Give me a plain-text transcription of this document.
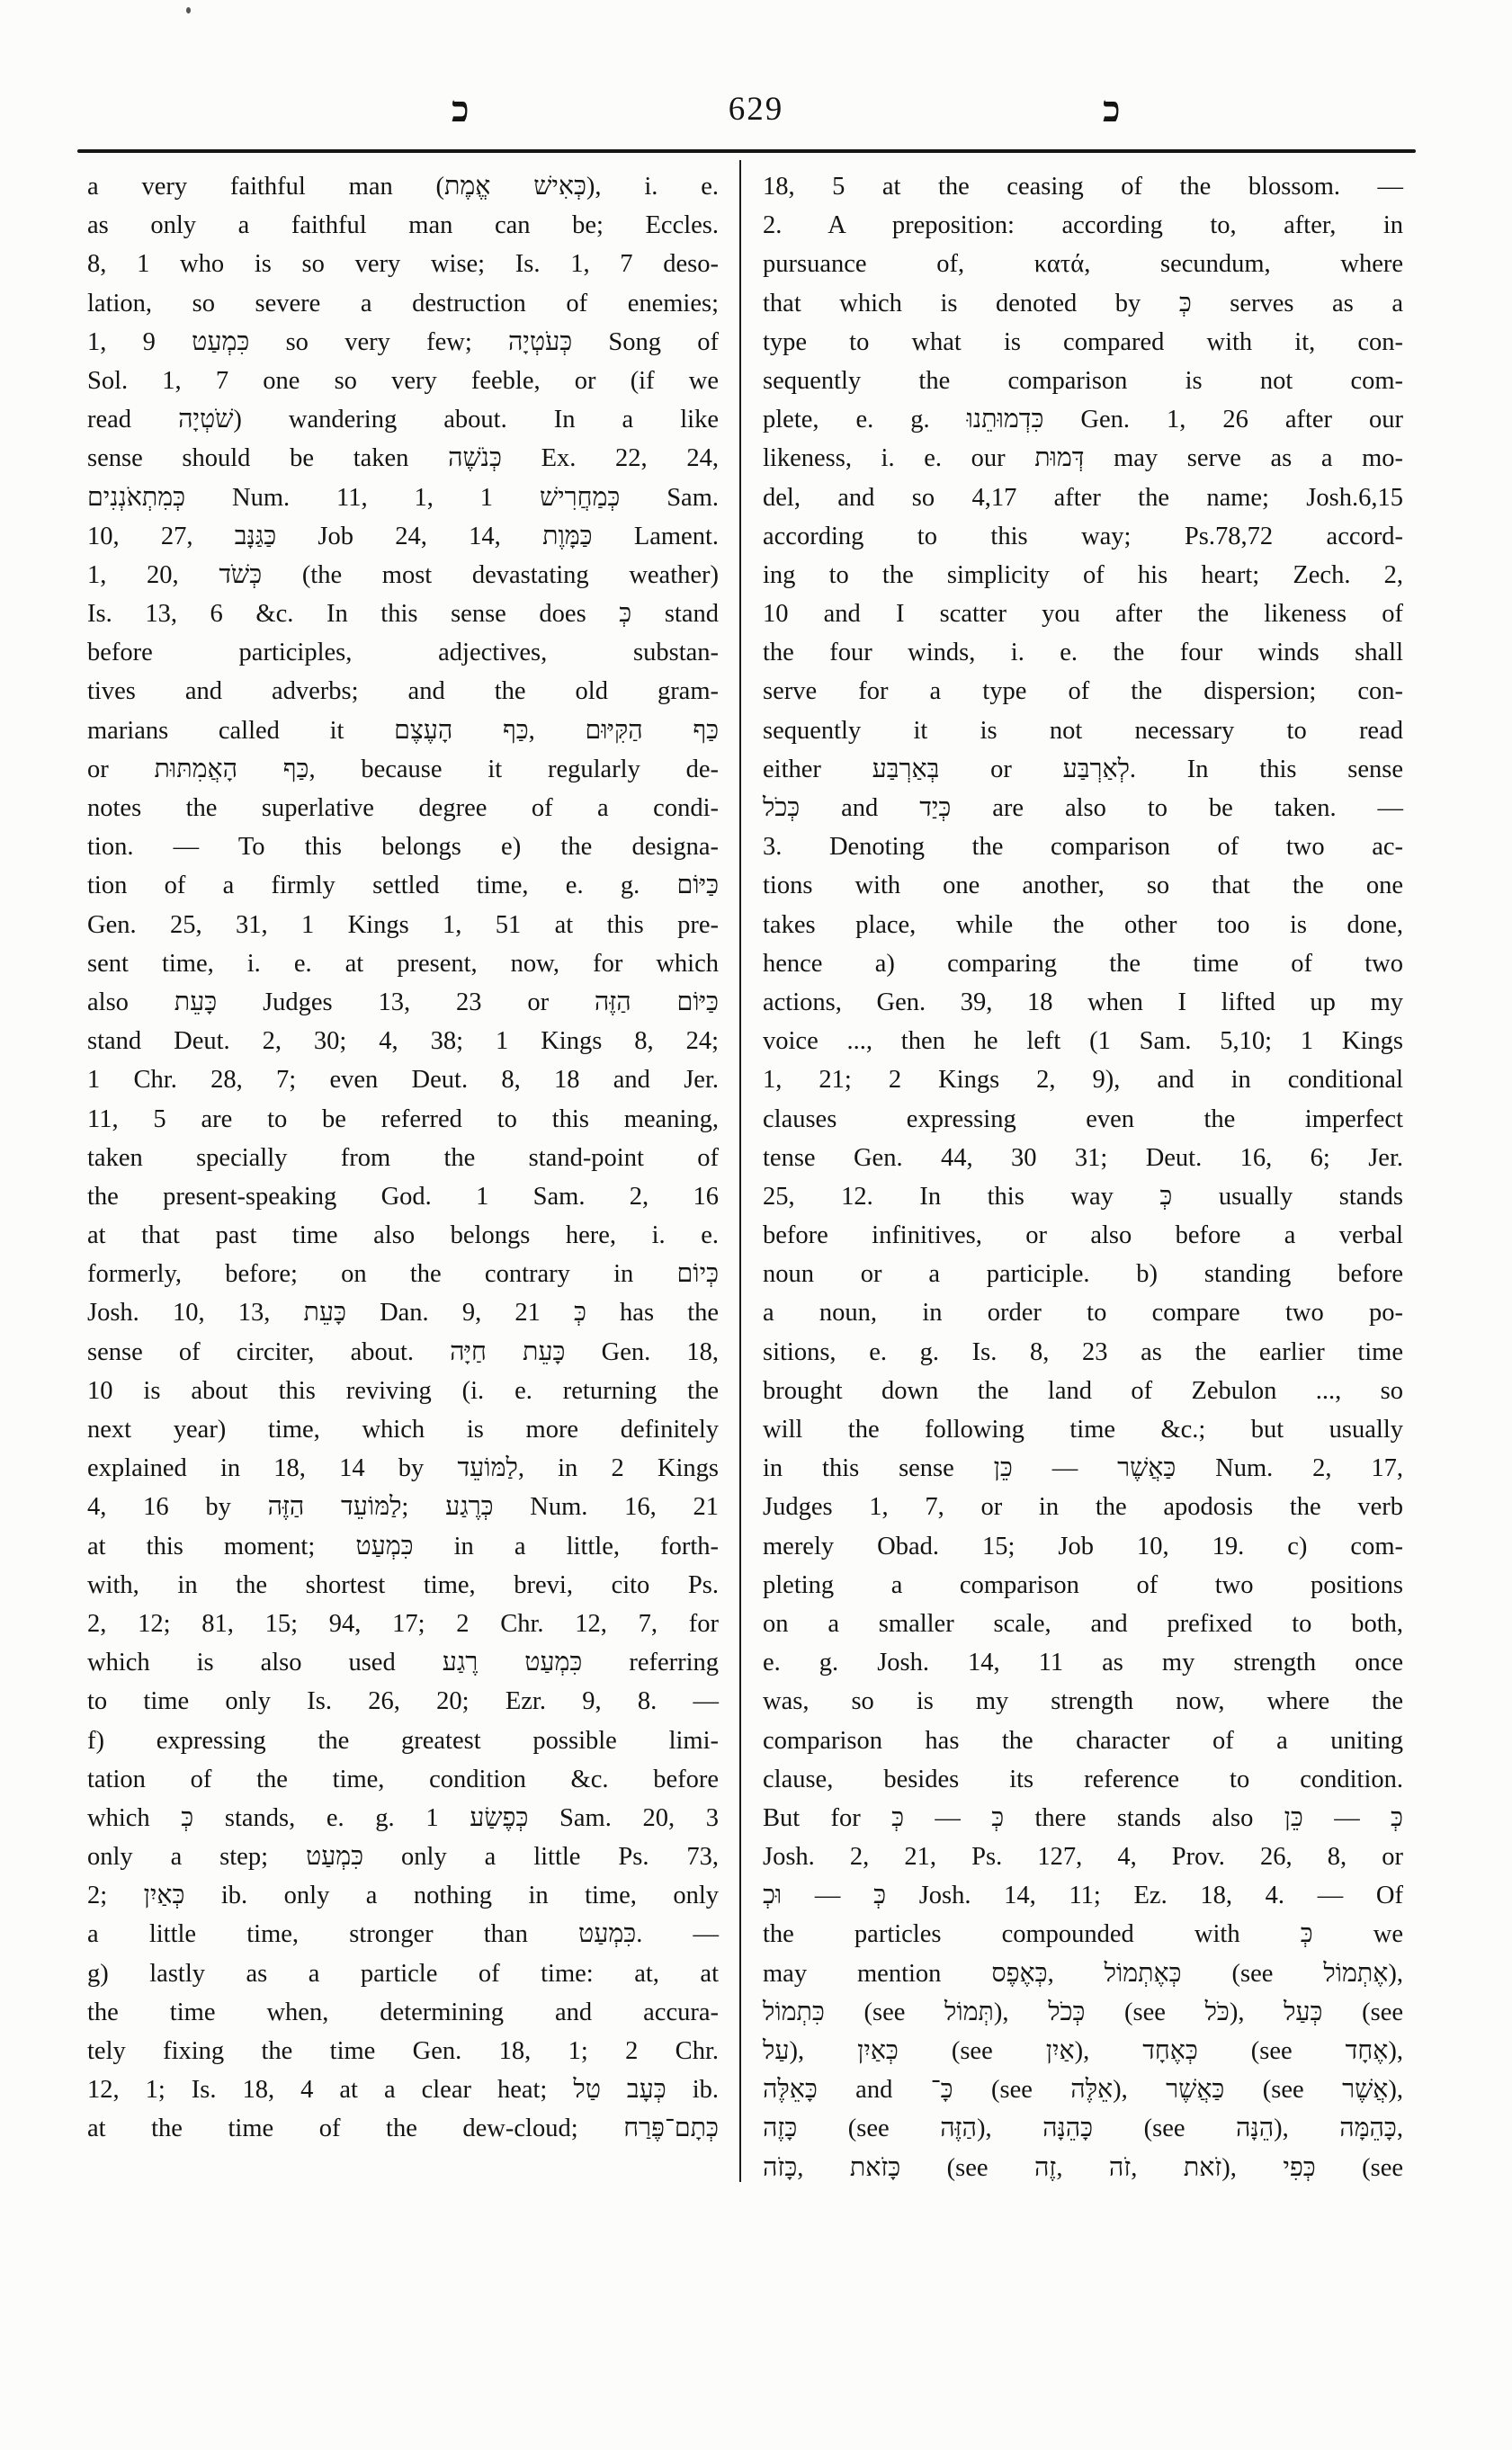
כ	629	כ
a very faithful man (כְּאִישׁ אֱמֶת), i. e.
as only a faithful man can be; Eccles.
8, 1 who is so very wise; Is. 1, 7 deso-
lation, so severe a destruction of enemies;
1, 9 כִּמְעַט so very few; כְּעֹטְיָה Song of
Sol. 1, 7 one so very feeble, or (if we
read שֹׁטְיָה‎) wandering about. In a like
sense should be taken כְּנֹשֶׁה Ex. 22, 24,
כְּמִתְאֹנְנִים Num. 11, 1, כְּמַחֲרִישׁ 1 Sam.
10, 27, כַּגַּנָּב Job 24, 14, כַּמָּוֶת Lament.
1, 20, כְּשֹׁד (the most devastating weather)
Is. 13, 6 &c. In this sense does כְּ stand
before participles, adjectives, substan-
tives and adverbs; and the old gram-
marians called it כַּף הָעֶצֶם‎,‎ כַּף הַקִּיּוּם
or כַּף הָאֲמִתּוּת‎, because it regularly de-
notes the superlative degree of a condi-
tion. — To this belongs e) the designa-
tion of a firmly settled time, e. g. כַּיּוֹם
Gen. 25, 31, 1 Kings 1, 51 at this pre-
sent time, i. e. at present, now, for which
also כָּעֵת Judges 13, 23 or כַּיּוֹם הַזֶּה
stand Deut. 2, 30; 4, 38; 1 Kings 8, 24;
1 Chr. 28, 7; even Deut. 8, 18 and Jer.
11, 5 are to be referred to this meaning,
taken specially from the stand-point of
the present-speaking God. 1 Sam. 2, 16
at that past time also belongs here, i. e.
formerly, before; on the contrary in כְּיוֹם
Josh. 10, 13, כָּעֵת Dan. 9, 21 כְּ has the
sense of circiter, about. כָּעֵת חַיָּה Gen. 18,
10 is about this reviving (i. e. returning the
next year) time, which is more definitely
explained in 18, 14 by לַמּוֹעֵד‎, in 2 Kings
4, 16 by לַמּוֹעֵד הַזֶּה‎;‎ כְּרֶגַע Num. 16, 21
at this moment; כִּמְעַט in a little, forth-
with, in the shortest time, brevi, cito Ps.
2, 12; 81, 15; 94, 17; 2 Chr. 12, 7, for
which is also used כִּמְעַט רֶגַע referring
to time only Is. 26, 20; Ezr. 9, 8. —
f) expressing the greatest possible limi-
tation of the time, condition &c. before
which כְּ stands, e. g. כְּפֶשַׂע 1 Sam. 20, 3
only a step; כִּמְעַט only a little Ps. 73,
2; כְּאַיִן ib. only a nothing in time, only
a little time, stronger than כִּמְעַט‎. —
g) lastly as a particle of time: at, at
the time when, determining and accura-
tely fixing the time Gen. 18, 1; 2 Chr.
12, 1; Is. 18, 4 at a clear heat; כְּעָב טַל ib.
at the time of the dew-cloud; כְּתָם־פֶּרַח
18, 5 at the ceasing of the blossom. —
2. A preposition: according to, after, in
pursuance of, κατά, secundum, where
that which is denoted by כְּ serves as a
type to what is compared with it, con-
sequently the comparison is not com-
plete, e. g. כִּדְמוּתֵנוּ Gen. 1, 26 after our
likeness, i. e. our דְּמוּת may serve as a mo-
del, and so 4,17 after the name; Josh.6,15
according to this way; Ps.78,72 accord-
ing to the simplicity of his heart; Zech. 2,
10 and I scatter you after the likeness of
the four winds, i. e. the four winds shall
serve for a type of the dispersion; con-
sequently it is not necessary to read
either בְּאַרְבַּע or לְאַרְבַּע‎. In this sense
כְּכֹל and כְּיַד are also to be taken. —
3. Denoting the comparison of two ac-
tions with one another, so that the one
takes place, while the other too is done,
hence a) comparing the time of two
actions, Gen. 39, 18 when I lifted up my
voice ..., then he left (1 Sam. 5,10; 1 Kings
1, 21; 2 Kings 2, 9), and in conditional
clauses expressing even the imperfect
tense Gen. 44, 30 31; Deut. 16, 6; Jer.
25, 12. In this way כְּ usually stands
before infinitives, or also before a verbal
noun or a participle. b) standing before
a noun, in order to compare two po-
sitions, e. g. Is. 8, 23 as the earlier time
brought down the land of Zebulon ..., so
will the following time &c.; but usually
in this sense כַּאֲשֶׁר — כֵּן Num. 2, 17,
Judges 1, 7, or in the apodosis the verb
merely Obad. 15; Job 10, 19. c) com-
pleting a comparison of two positions
on a smaller scale, and prefixed to both,
e. g. Josh. 14, 11 as my strength once
was, so is my strength now, where the
comparison has the character of a uniting
clause, besides its reference to condition.
But for כְּ — כְּ there stands also כְּ — כֵּן
Josh. 2, 21, Ps. 127, 4, Prov. 26, 8, or
כְּ — וּכְ Josh. 14, 11; Ez. 18, 4. — Of
the particles compounded with כְּ we
may mention כְּאֶפֶס‎,‎ כְּאֶתְמוֹל (see אֶתְמוֹל‎),
כִּתְמוֹל (see תְּמוֹל‎),‎ כְּכֹל (see כֹּל‎),‎ כְּעַל (see
עַל‎),‎ כְּאַיִן (see אַיִן‎),‎ כְּאֶחָד (see אֶחָד‎),
כָּאֵלֶּה and כָּ־ (see אֵלֶּה‎),‎ כַּאֲשֶׁר (see אֲשֶׁר‎),
כָּזֶה (see הַזֶּה‎),‎ כָּהֵנָּה (see הֵנָּה‎),‎ כָּהֵמָּה,
כָּזֹה‎,‎ כָּזֹאת (see זֶה‎,‎ זֹה‎,‎ זֹאת‎),‎ כְּפִי (see
